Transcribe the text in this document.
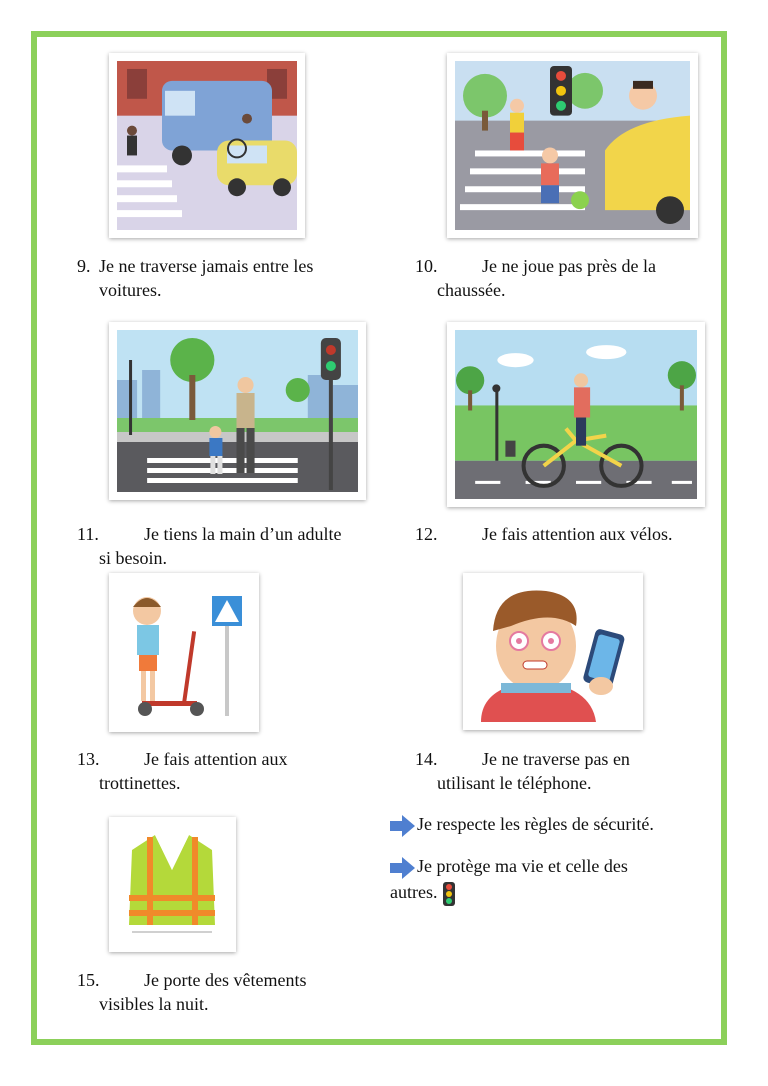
9. Je ne traverse jamais entre les
voitures.
10. Je ne joue pas près de la
chaussée.
11.	Je tiens la main d’un adulte
si besoin.
12. Je fais attention aux vélos.
13. Je fais attention aux
trottinettes.
14. Je ne traverse pas en
utilisant le téléphone.
15. Je porte des vêtements
visibles la nuit.
Je respecte les règles de sécurité.
Je protège ma vie et celle des
autres.
